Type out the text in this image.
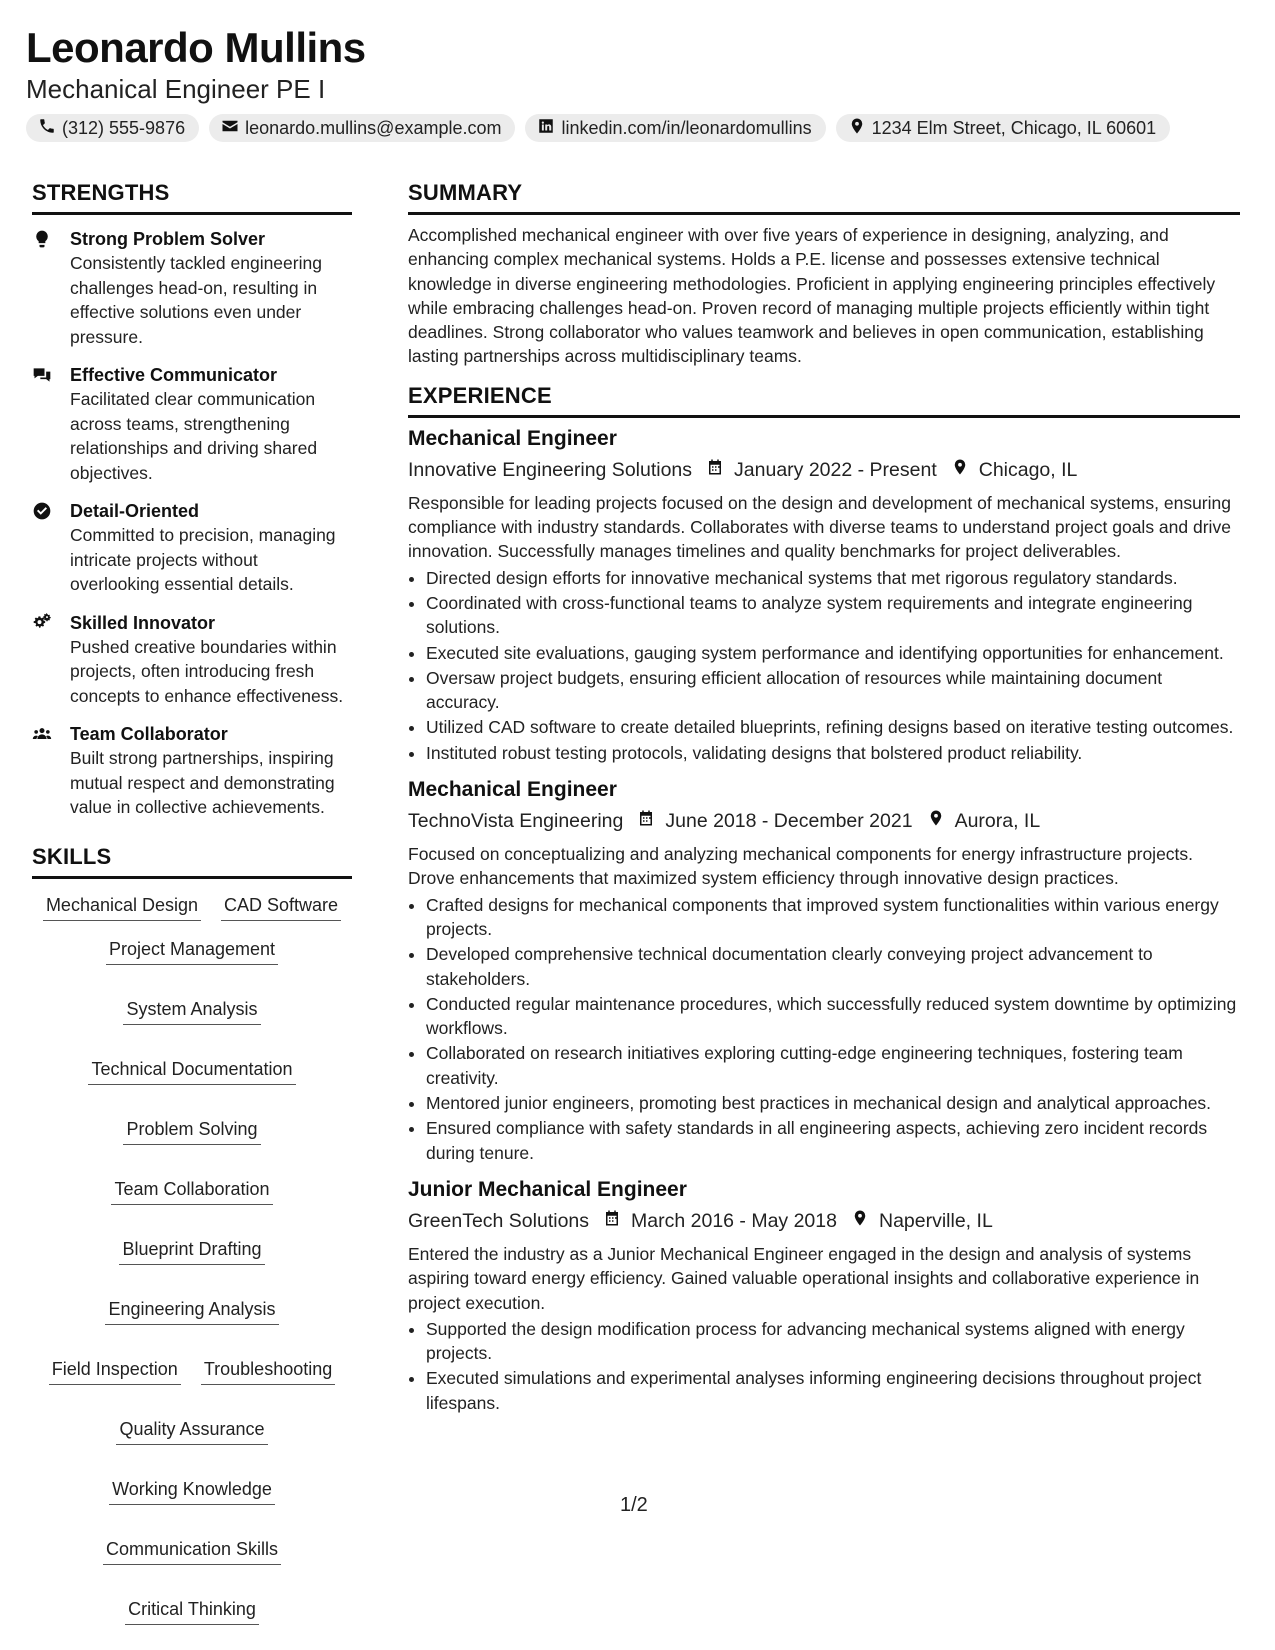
Leonardo Mullins
Mechanical Engineer PE I
(312) 555-9876	leonardo.mullins@example.com	linkedin.com/in/leonardomullins	1234 Elm Street, Chicago, IL 60601
STRENGTHS
Strong Problem Solver
Consistently tackled engineering challenges head-on, resulting in effective solutions even under pressure.
Effective Communicator
Facilitated clear communication across teams, strengthening relationships and driving shared objectives.
Detail-Oriented
Committed to precision, managing intricate projects without overlooking essential details.
Skilled Innovator
Pushed creative boundaries within projects, often introducing fresh concepts to enhance effectiveness.
Team Collaborator
Built strong partnerships, inspiring mutual respect and demonstrating value in collective achievements.
SKILLS
Mechanical Design CAD Software
Project Management
System Analysis
Technical Documentation
Problem Solving
Team Collaboration
Blueprint Drafting
Engineering Analysis
Field Inspection Troubleshooting
Quality Assurance
Working Knowledge
Communication Skills
Critical Thinking
SUMMARY
Accomplished mechanical engineer with over five years of experience in designing, analyzing, and enhancing complex mechanical systems. Holds a P.E. license and possesses extensive technical knowledge in diverse engineering methodologies. Proficient in applying engineering principles effectively while embracing challenges head-on. Proven record of managing multiple projects efficiently within tight deadlines. Strong collaborator who values teamwork and believes in open communication, establishing lasting partnerships across multidisciplinary teams.
EXPERIENCE
Mechanical Engineer
Innovative Engineering Solutions January 2022 - Present Chicago, IL
Responsible for leading projects focused on the design and development of mechanical systems, ensuring compliance with industry standards. Collaborates with diverse teams to understand project goals and drive innovation. Successfully manages timelines and quality benchmarks for project deliverables.
• Directed design efforts for innovative mechanical systems that met rigorous regulatory standards.
• Coordinated with cross-functional teams to analyze system requirements and integrate engineering solutions.
• Executed site evaluations, gauging system performance and identifying opportunities for enhancement.
• Oversaw project budgets, ensuring efficient allocation of resources while maintaining document accuracy.
• Utilized CAD software to create detailed blueprints, refining designs based on iterative testing outcomes.
• Instituted robust testing protocols, validating designs that bolstered product reliability.
Mechanical Engineer
TechnoVista Engineering June 2018 - December 2021 Aurora, IL
Focused on conceptualizing and analyzing mechanical components for energy infrastructure projects. Drove enhancements that maximized system efficiency through innovative design practices.
• Crafted designs for mechanical components that improved system functionalities within various energy projects.
• Developed comprehensive technical documentation clearly conveying project advancement to stakeholders.
• Conducted regular maintenance procedures, which successfully reduced system downtime by optimizing workflows.
• Collaborated on research initiatives exploring cutting-edge engineering techniques, fostering team creativity.
• Mentored junior engineers, promoting best practices in mechanical design and analytical approaches.
• Ensured compliance with safety standards in all engineering aspects, achieving zero incident records during tenure.
Junior Mechanical Engineer
GreenTech Solutions March 2016 - May 2018 Naperville, IL
Entered the industry as a Junior Mechanical Engineer engaged in the design and analysis of systems aspiring toward energy efficiency. Gained valuable operational insights and collaborative experience in project execution.
• Supported the design modification process for advancing mechanical systems aligned with energy projects.
• Executed simulations and experimental analyses informing engineering decisions throughout project lifespans.
1/2
